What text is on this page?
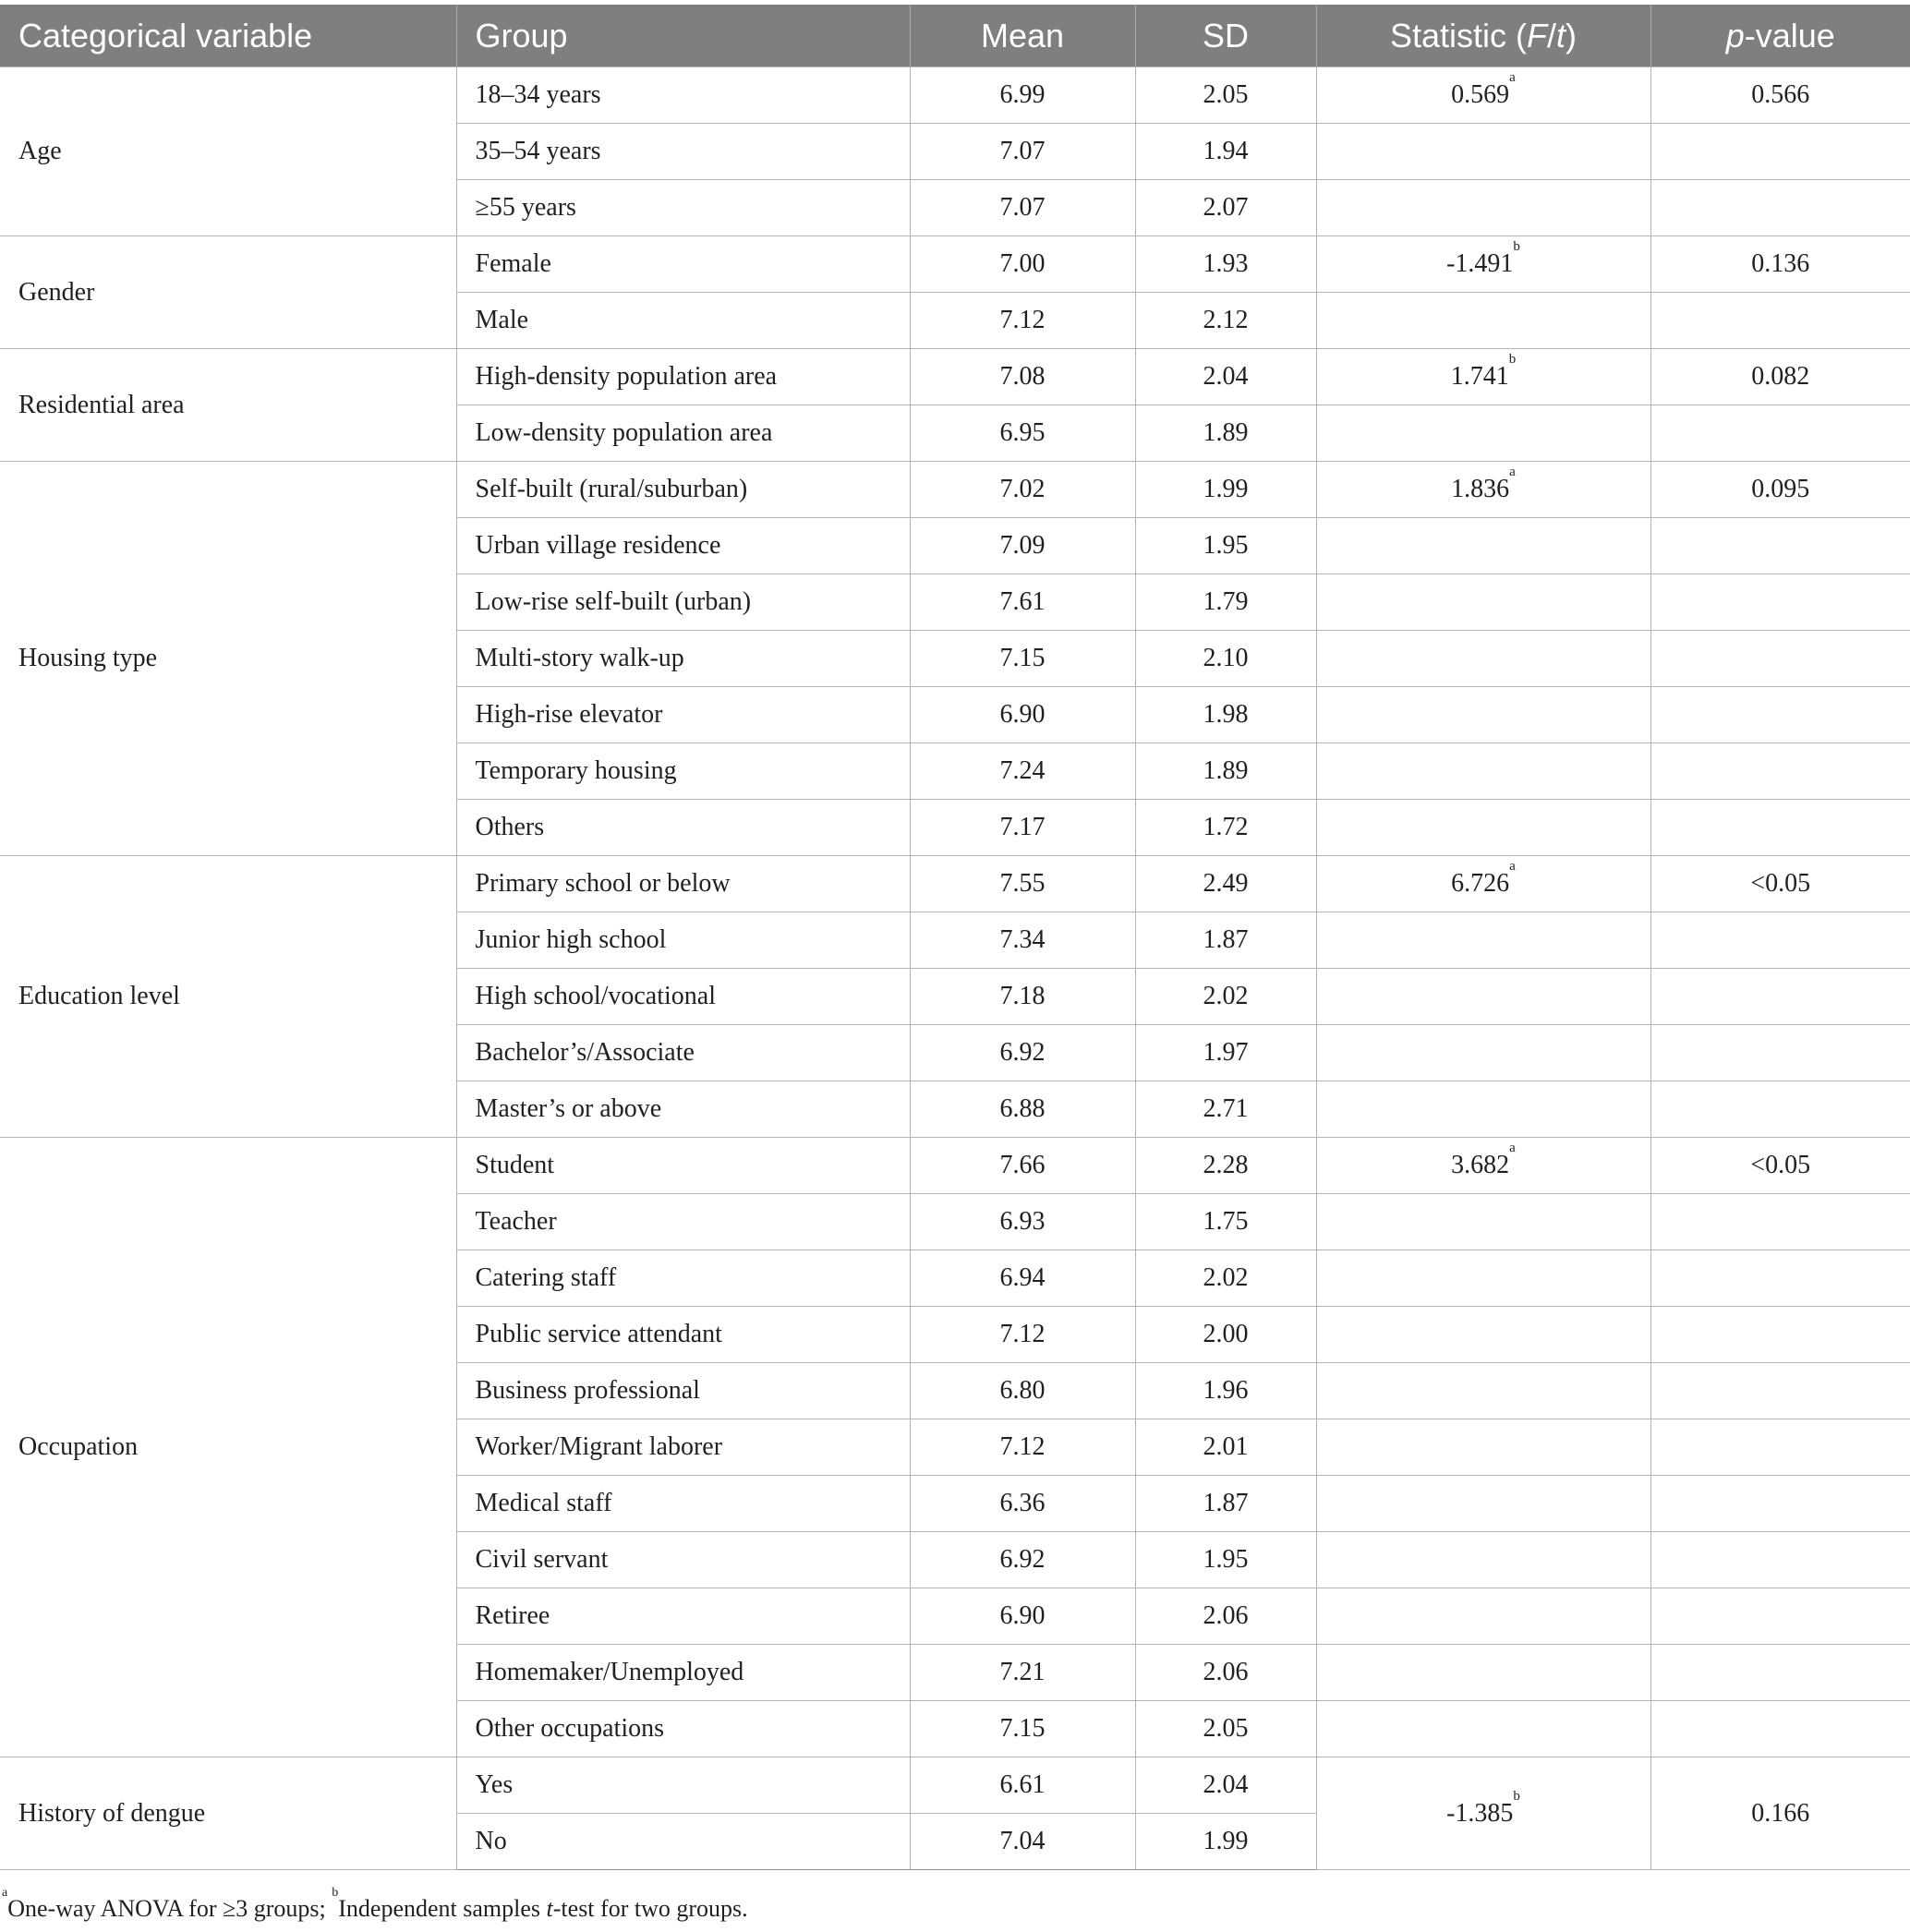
Categorical variable	Group	Mean	SD	Statistic (F/t)	p-value
Age	18–34 years	6.99	2.05	0.569$^a$	0.566
	35–54 years	7.07	1.94		
	≥55 years	7.07	2.07		
Gender	Female	7.00	1.93	-1.491$^b$	0.136
	Male	7.12	2.12		
Residential area	High-density population area	7.08	2.04	1.741$^b$	0.082
	Low-density population area	6.95	1.89		
Housing type	Self-built (rural/suburban)	7.02	1.99	1.836$^a$	0.095
	Urban village residence	7.09	1.95		
	Low-rise self-built (urban)	7.61	1.79		
	Multi-story walk-up	7.15	2.10		
	High-rise elevator	6.90	1.98		
	Temporary housing	7.24	1.89		
	Others	7.17	1.72		
Education level	Primary school or below	7.55	2.49	6.726$^a$	<0.05
	Junior high school	7.34	1.87		
	High school/vocational	7.18	2.02		
	Bachelor’s/Associate	6.92	1.97		
	Master’s or above	6.88	2.71		
Occupation	Student	7.66	2.28	3.682$^a$	<0.05
	Teacher	6.93	1.75		
	Catering staff	6.94	2.02		
	Public service attendant	7.12	2.00		
	Business professional	6.80	1.96		
	Worker/Migrant laborer	7.12	2.01		
	Medical staff	6.36	1.87		
	Civil servant	6.92	1.95		
	Retiree	6.90	2.06		
	Homemaker/Unemployed	7.21	2.06		
	Other occupations	7.15	2.05		
History of dengue	Yes	6.61	2.04	-1.385$^b$	0.166
	No	7.04	1.99		
$^a$One-way ANOVA for ≥3 groups; $^b$Independent samples t-test for two groups.
